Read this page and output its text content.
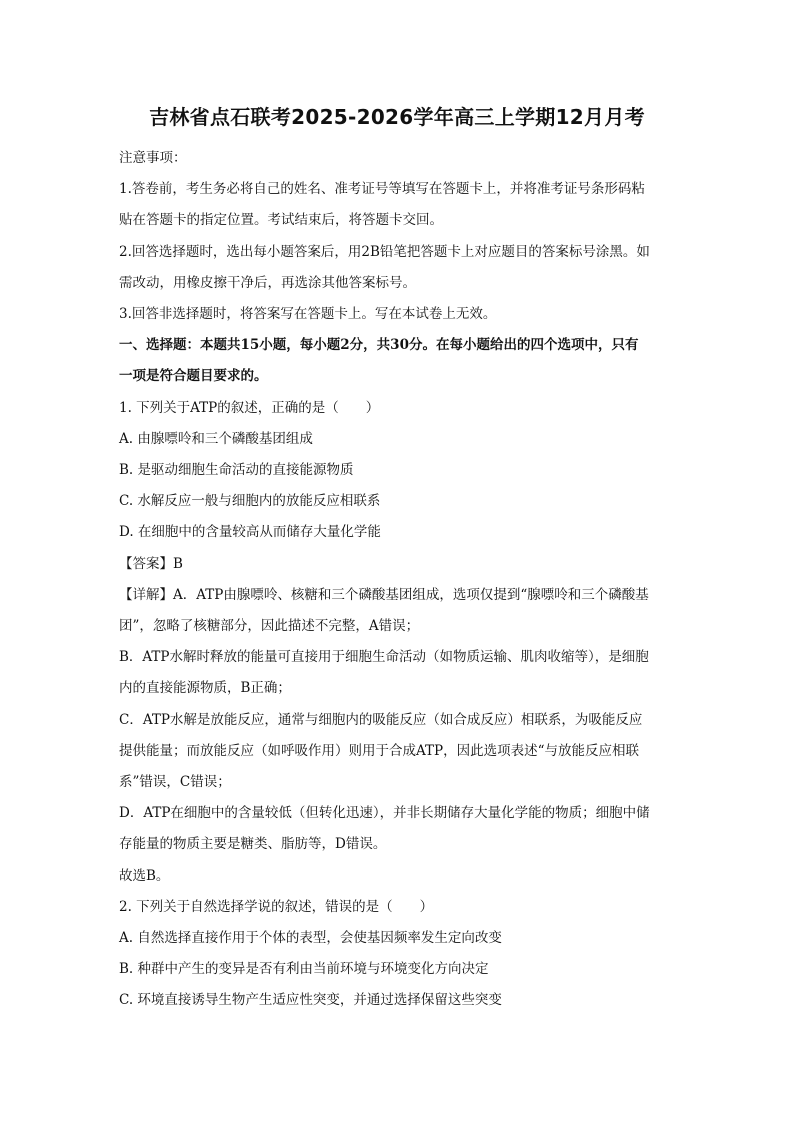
吉林省点石联考2025-2026学年高三上学期12月月考

注意事项：

1.答卷前，考生务必将自己的姓名、准考证号等填写在答题卡上，并将准考证号条形码粘

贴在答题卡的指定位置。考试结束后，将答题卡交回。

2.回答选择题时，选出每小题答案后，用2B铅笔把答题卡上对应题目的答案标号涂黑。如

需改动，用橡皮擦干净后，再选涂其他答案标号。

3.回答非选择题时，将答案写在答题卡上。写在本试卷上无效。

一、选择题：本题共15小题，每小题2分，共30分。在每小题给出的四个选项中，只有

一项是符合题目要求的。

1. 下列关于ATP的叙述，正确的是（　　）

A. 由腺嘌呤和三个磷酸基团组成

B. 是驱动细胞生命活动的直接能源物质

C. 水解反应一般与细胞内的放能反应相联系

D. 在细胞中的含量较高从而储存大量化学能

【答案】B

【详解】A．ATP由腺嘌呤、核糖和三个磷酸基团组成，选项仅提到“腺嘌呤和三个磷酸基

团”，忽略了核糖部分，因此描述不完整，A错误；

B．ATP水解时释放的能量可直接用于细胞生命活动（如物质运输、肌肉收缩等），是细胞

内的直接能源物质，B正确；

C．ATP水解是放能反应，通常与细胞内的吸能反应（如合成反应）相联系，为吸能反应

提供能量；而放能反应（如呼吸作用）则用于合成ATP，因此选项表述“与放能反应相联

系”错误，C错误；

D．ATP在细胞中的含量较低（但转化迅速），并非长期储存大量化学能的物质；细胞中储

存能量的物质主要是糖类、脂肪等，D错误。

故选B。

2. 下列关于自然选择学说的叙述，错误的是（　　）

A. 自然选择直接作用于个体的表型，会使基因频率发生定向改变

B. 种群中产生的变异是否有利由当前环境与环境变化方向决定

C. 环境直接诱导生物产生适应性突变，并通过选择保留这些突变
